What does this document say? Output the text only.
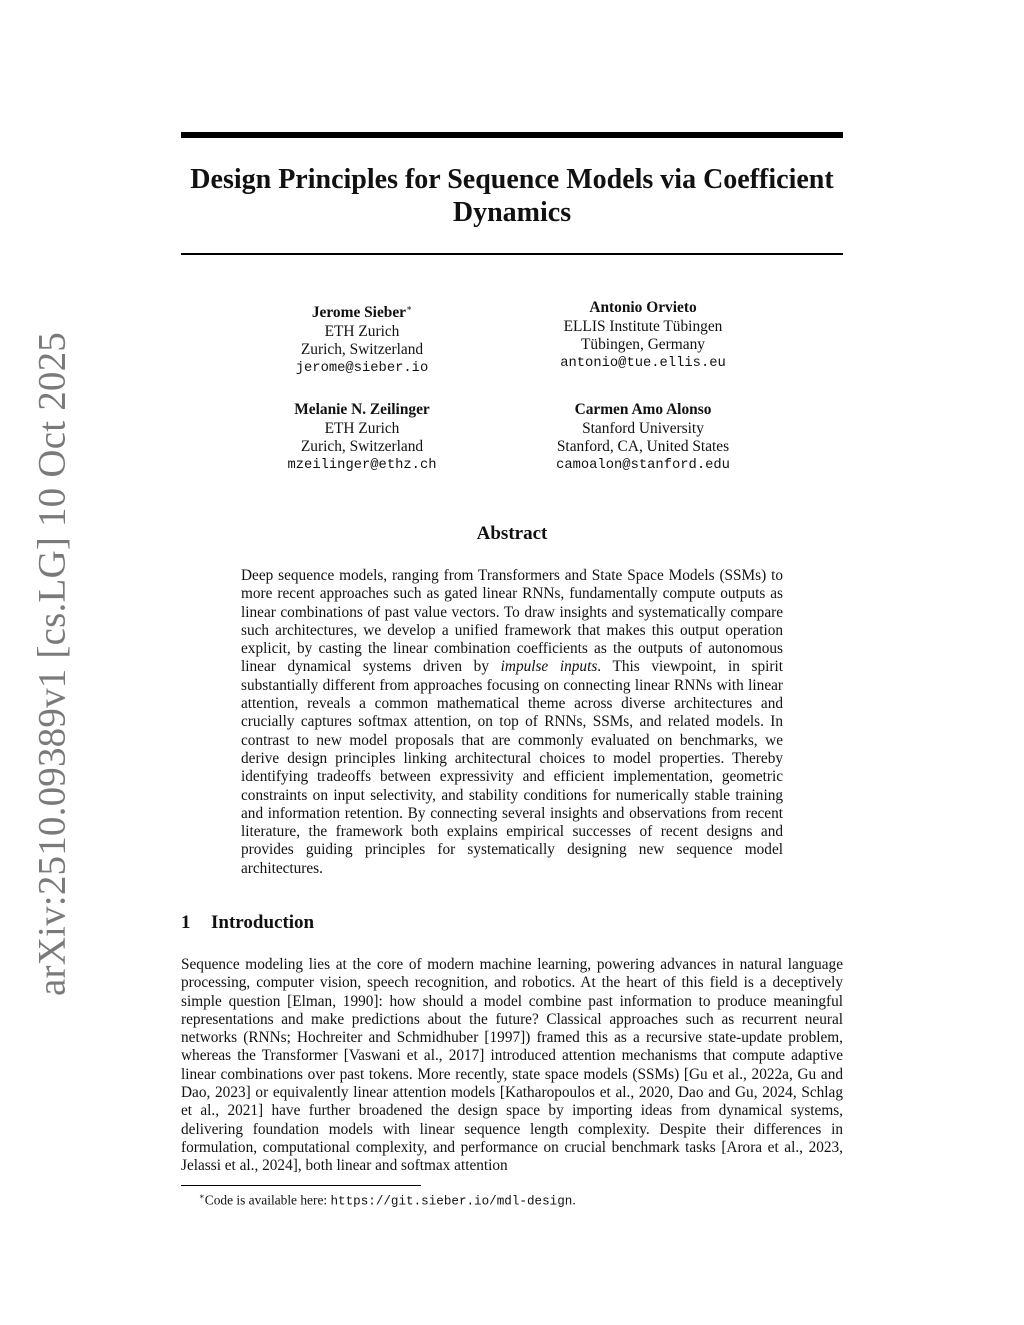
arXiv:2510.09389v1 [cs.LG] 10 Oct 2025
Design Principles for Sequence Models via Coefficient Dynamics
Jerome Sieber∗
ETH Zurich
Zurich, Switzerland
jerome@sieber.io
Antonio Orvieto
ELLIS Institute Tübingen
Tübingen, Germany
antonio@tue.ellis.eu
Melanie N. Zeilinger
ETH Zurich
Zurich, Switzerland
mzeilinger@ethz.ch
Carmen Amo Alonso
Stanford University
Stanford, CA, United States
camoalon@stanford.edu
Abstract

Deep sequence models, ranging from Transformers and State Space Models (SSMs) to more recent approaches such as gated linear RNNs, fundamentally compute outputs as linear combinations of past value vectors. To draw insights and systematically compare such architectures, we develop a unified framework that makes this output operation explicit, by casting the linear combination coefficients as the outputs of autonomous linear dynamical systems driven by impulse inputs. This viewpoint, in spirit substantially different from approaches focusing on connecting linear RNNs with linear attention, reveals a common mathematical theme across diverse architectures and crucially captures softmax attention, on top of RNNs, SSMs, and related models. In contrast to new model proposals that are commonly evaluated on benchmarks, we derive design principles linking architectural choices to model properties. Thereby identifying tradeoffs between expressivity and efficient implementation, geometric constraints on input selectivity, and stability conditions for numerically stable training and information retention. By connecting several insights and observations from recent literature, the framework both explains empirical successes of recent designs and provides guiding principles for systematically designing new sequence model architectures.

1 Introduction

Sequence modeling lies at the core of modern machine learning, powering advances in natural language processing, computer vision, speech recognition, and robotics. At the heart of this field is a deceptively simple question [Elman, 1990]: how should a model combine past information to produce meaningful representations and make predictions about the future? Classical approaches such as recurrent neural networks (RNNs; Hochreiter and Schmidhuber [1997]) framed this as a recursive state-update problem, whereas the Transformer [Vaswani et al., 2017] introduced attention mechanisms that compute adaptive linear combinations over past tokens. More recently, state space models (SSMs) [Gu et al., 2022a, Gu and Dao, 2023] or equivalently linear attention models [Katharopoulos et al., 2020, Dao and Gu, 2024, Schlag et al., 2021] have further broadened the design space by importing ideas from dynamical systems, delivering foundation models with linear sequence length complexity. Despite their differences in formulation, computational complexity, and performance on crucial benchmark tasks [Arora et al., 2023, Jelassi et al., 2024], both linear and softmax attention

∗Code is available here: https://git.sieber.io/mdl-design.
